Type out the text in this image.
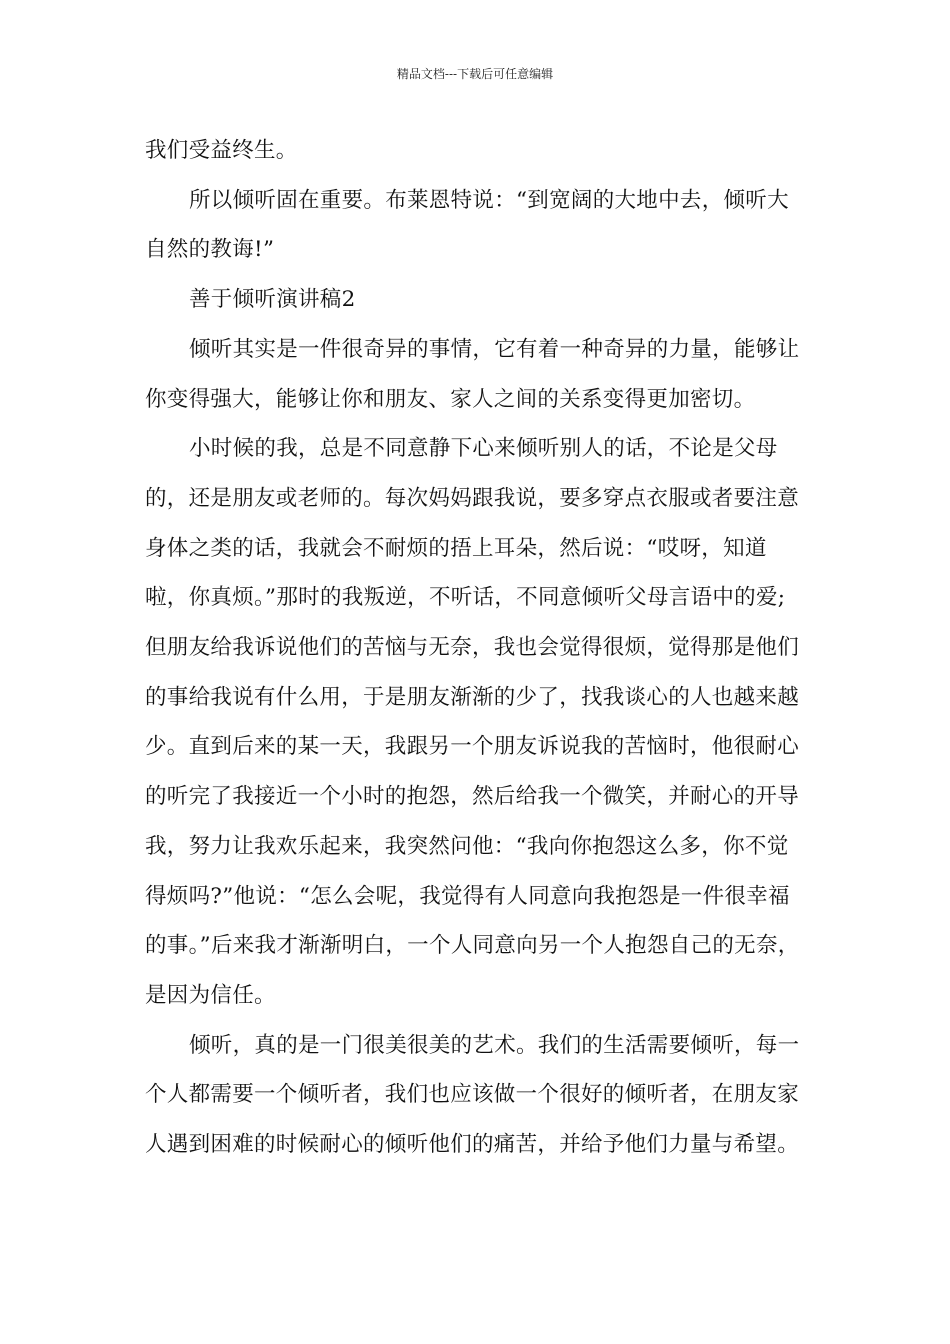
精品文档---下载后可任意编辑

我们受益终生。

所以倾听固在重要。布莱恩特说：“到宽阔的大地中去，倾听大自然的教诲!”

善于倾听演讲稿2

倾听其实是一件很奇异的事情，它有着一种奇异的力量，能够让你变得强大，能够让你和朋友、家人之间的关系变得更加密切。

小时候的我，总是不同意静下心来倾听别人的话，不论是父母的，还是朋友或老师的。每次妈妈跟我说，要多穿点衣服或者要注意身体之类的话，我就会不耐烦的捂上耳朵，然后说：“哎呀，知道啦，你真烦。”那时的我叛逆，不听话，不同意倾听父母言语中的爱;但朋友给我诉说他们的苦恼与无奈，我也会觉得很烦，觉得那是他们的事给我说有什么用，于是朋友渐渐的少了，找我谈心的人也越来越少。直到后来的某一天，我跟另一个朋友诉说我的苦恼时，他很耐心的听完了我接近一个小时的抱怨，然后给我一个微笑，并耐心的开导我，努力让我欢乐起来，我突然问他：“我向你抱怨这么多，你不觉得烦吗?”他说：“怎么会呢，我觉得有人同意向我抱怨是一件很幸福的事。”后来我才渐渐明白，一个人同意向另一个人抱怨自己的无奈，是因为信任。

倾听，真的是一门很美很美的艺术。我们的生活需要倾听，每一个人都需要一个倾听者，我们也应该做一个很好的倾听者，在朋友家人遇到困难的时候耐心的倾听他们的痛苦，并给予他们力量与希望。
